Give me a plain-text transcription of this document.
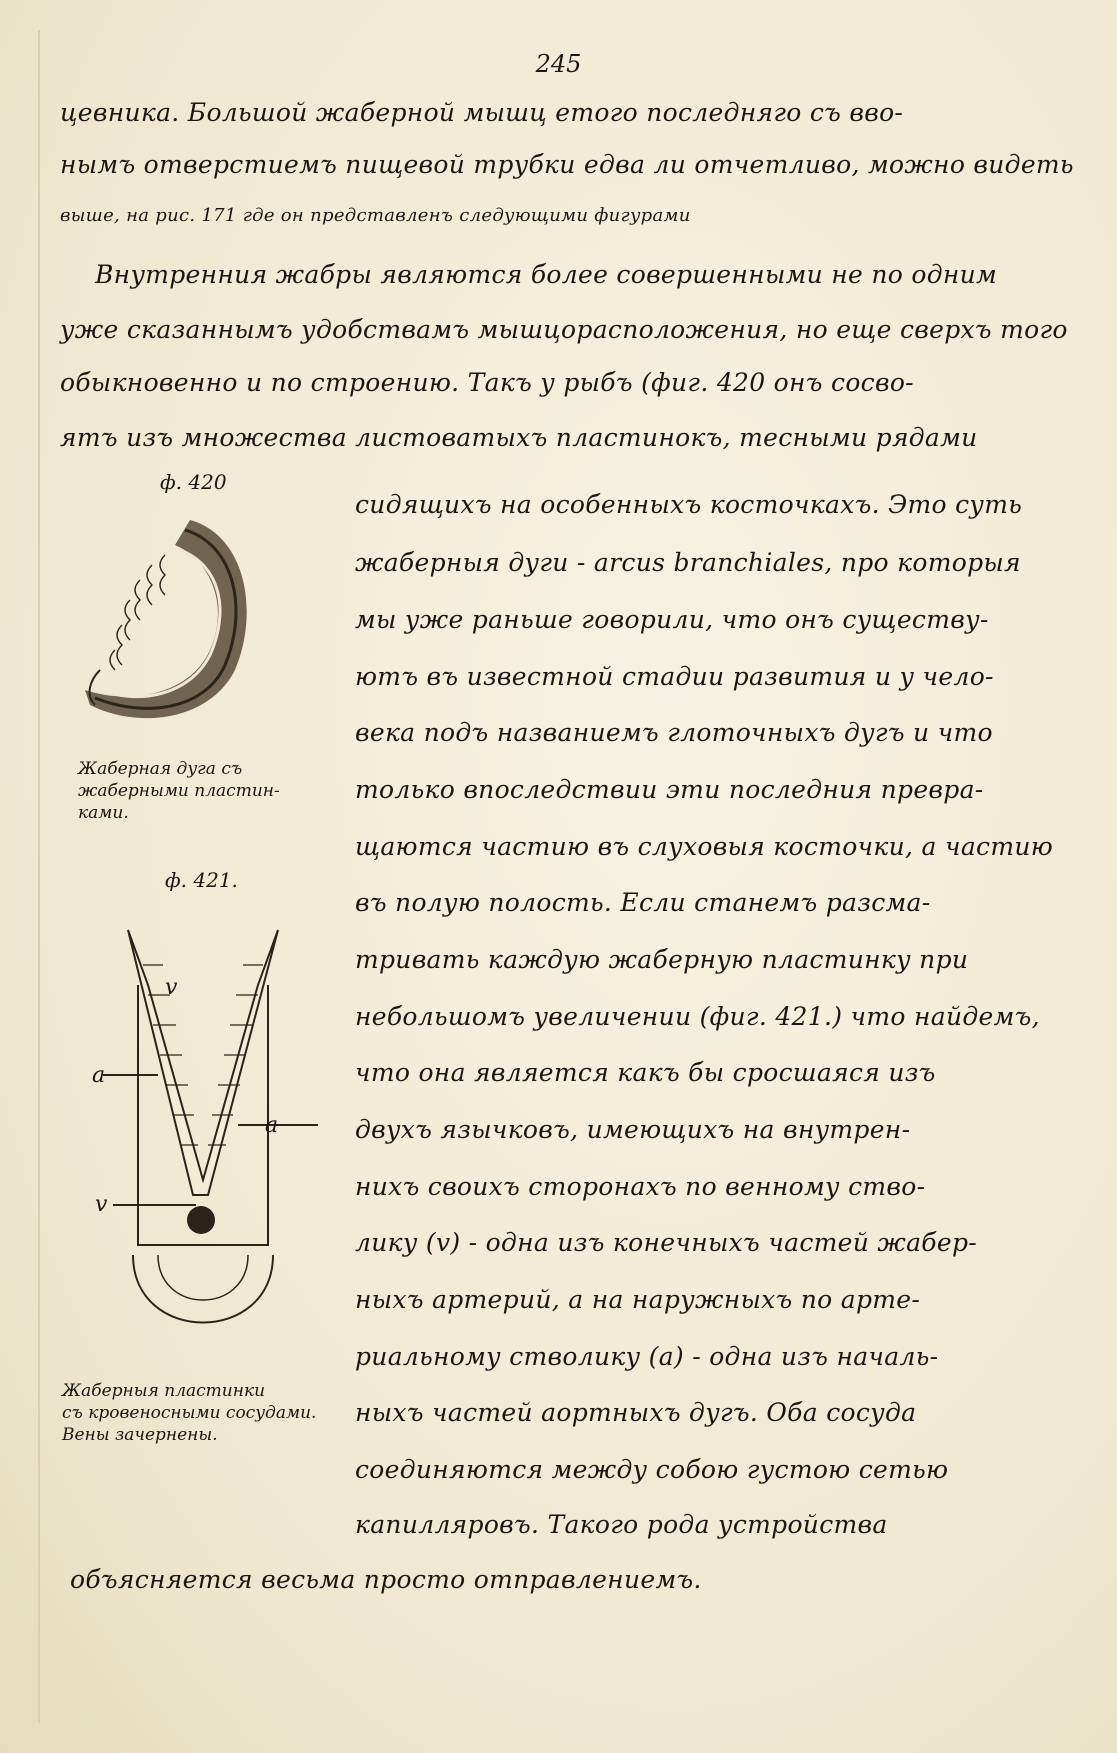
245
цевника. Большой жаберной мышц етого последняго съ вво-
нымъ отверстиемъ пищевой трубки едва ли отчетливо, можно видеть
выше, на рис. 171 где он представленъ следующими фигурами
Внутренния жабры являются более совершенными не по одним
уже сказаннымъ удобствамъ мышцорасположения, но еще сверхъ того
обыкновенно и по строению. Такъ у рыбъ (фиг. 420 онъ сосво-
ятъ изъ множества листоватыхъ пластинокъ, тесными рядами
ф. 420
Жаберная дуга съ
жаберными пластин-
ками.
ф. 421.
a
v
a
v
Жаберныя пластинки
съ кровеносными сосудами.
Вены зачернены.
сидящихъ на особенныхъ косточкахъ. Это суть
жаберныя дуги - arcus branchiales, про которыя
мы уже раньше говорили, что онъ существу-
ютъ въ известной стадии развития и у чело-
века подъ названиемъ глоточныхъ дугъ и что
только впоследствии эти последния превра-
щаются частию въ слуховыя косточки, а частию
въ полую полость. Если станемъ разсма-
тривать каждую жаберную пластинку при
небольшомъ увеличении (фиг. 421.) что найдемъ,
что она является какъ бы сросшаяся изъ
двухъ язычковъ, имеющихъ на внутрен-
нихъ своихъ сторонахъ по венному ство-
лику (v) - одна изъ конечныхъ частей жабер-
ныхъ артерий, а на наружныхъ по арте-
риальному стволику (a) - одна изъ началь-
ныхъ частей аортныхъ дугъ. Оба сосуда
соединяются между собою густою сетью
капилляровъ. Такого рода устройства
объясняется весьма просто отправлениемъ.
